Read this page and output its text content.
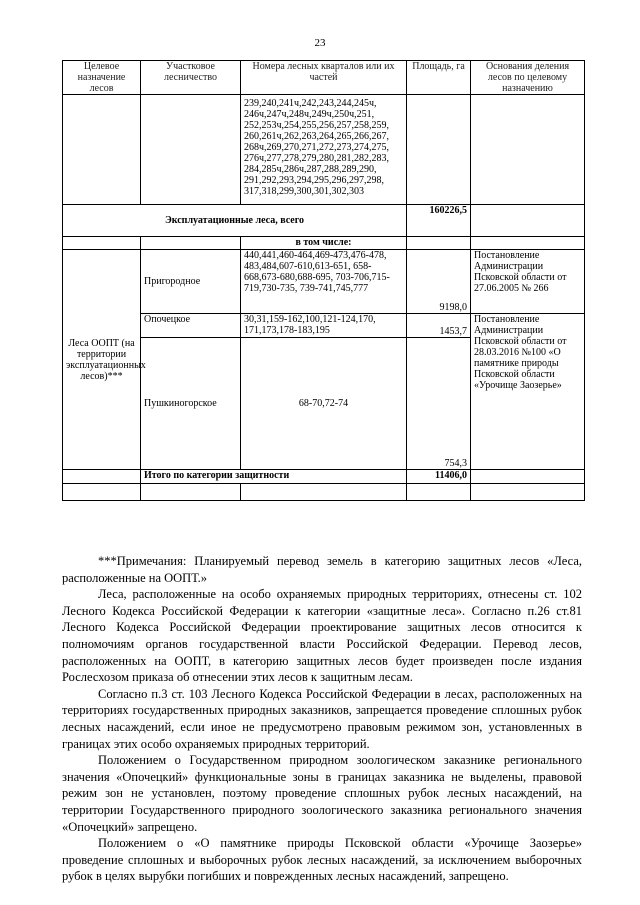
23
Целевое назначение лесов	Участковое лесничество	Номера лесных кварталов или их частей	Площадь, га	Основания деления лесов по целевому назначению
		239,240,241ч,242,243,244,245ч, 246ч,247ч,248ч,249ч,250ч,251, 252,253ч,254,255,256,257,258,259, 260,261ч,262,263,264,265,266,267, 268ч,269,270,271,272,273,274,275, 276ч,277,278,279,280,281,282,283, 284,285ч,286ч,287,288,289,290, 291,292,293,294,295,296,297,298, 317,318,299,300,301,302,303		
Эксплуатационные леса, всего			160226,5	
		в том числе:		
Леса ООПТ (на территории эксплуатационных лесов)***	Пригородное	440,441,460-464,469-473,476-478, 483,484,607-610,613-651, 658-668,673-680,688-695, 703-706,715-719,730-735, 739-741,745,777	9198,0	Постановление Администрации Псковской области от 27.06.2005 № 266
	Опочецкое	30,31,159-162,100,121-124,170, 171,173,178-183,195	1453,7	Постановление Администрации Псковской области от 28.03.2016 №100 «О памятнике природы Псковской области «Урочище Заозерье»
	Пушкиногорское	68-70,72-74	754,3	
	Итого по категории защитности		11406,0	

***Примечания: Планируемый перевод земель в категорию защитных лесов «Леса, расположенные на ООПТ.»

Леса, расположенные на особо охраняемых природных территориях, отнесены ст. 102 Лесного Кодекса Российской Федерации к категории «защитные леса». Согласно п.26 ст.81 Лесного Кодекса Российской Федерации проектирование защитных лесов относится к полномочиям органов государственной власти Российской Федерации. Перевод лесов, расположенных на ООПТ, в категорию защитных лесов будет произведен после издания Рослесхозом приказа об отнесении этих лесов к защитным лесам.

Согласно п.3 ст. 103 Лесного Кодекса Российской Федерации в лесах, расположенных на территориях государственных природных заказников, запрещается проведение сплошных рубок лесных насаждений, если иное не предусмотрено правовым режимом зон, установленных в границах этих особо охраняемых природных территорий.

Положением о Государственном природном зоологическом заказнике регионального значения «Опочецкий» функциональные зоны в границах заказника не выделены, правовой режим зон не установлен, поэтому проведение сплошных рубок лесных насаждений, на территории Государственного природного зоологического заказника регионального значения «Опочецкий» запрещено.

Положением о «О памятнике природы Псковской области «Урочище Заозерье» проведение сплошных и выборочных рубок лесных насаждений, за исключением выборочных рубок в целях вырубки погибших и поврежденных лесных насаждений, запрещено.
